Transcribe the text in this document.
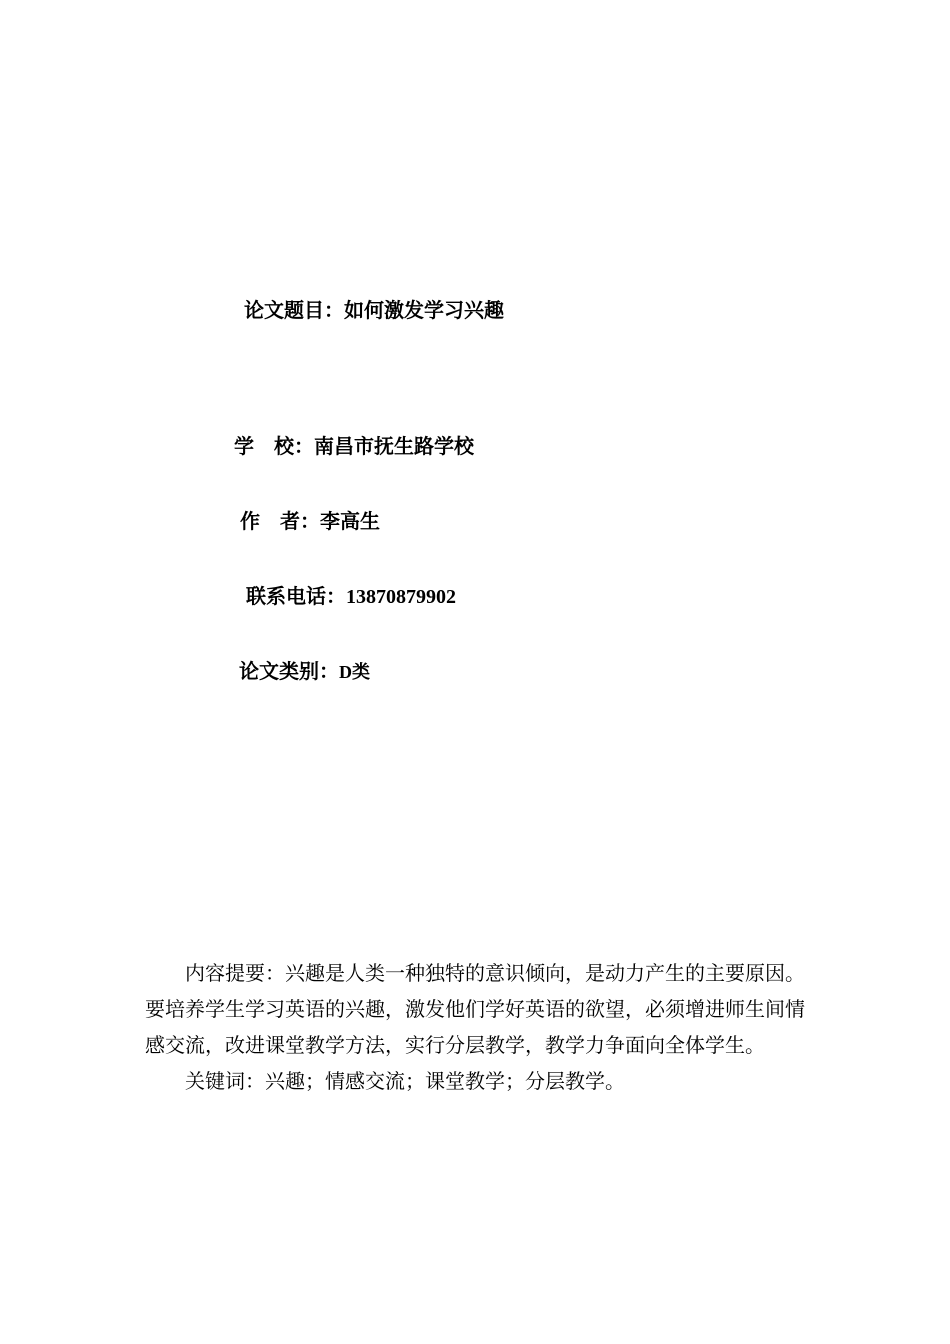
论文题目：如何激发学习兴趣
学　校：南昌市抚生路学校
作　者：李高生
联系电话：13870879902
论文类别：D类

内容提要：兴趣是人类一种独特的意识倾向，是动力产生的主要原因。要培养学生学习英语的兴趣，激发他们学好英语的欲望，必须增进师生间情感交流，改进课堂教学方法，实行分层教学，教学力争面向全体学生。

关键词：兴趣；情感交流；课堂教学；分层教学。
